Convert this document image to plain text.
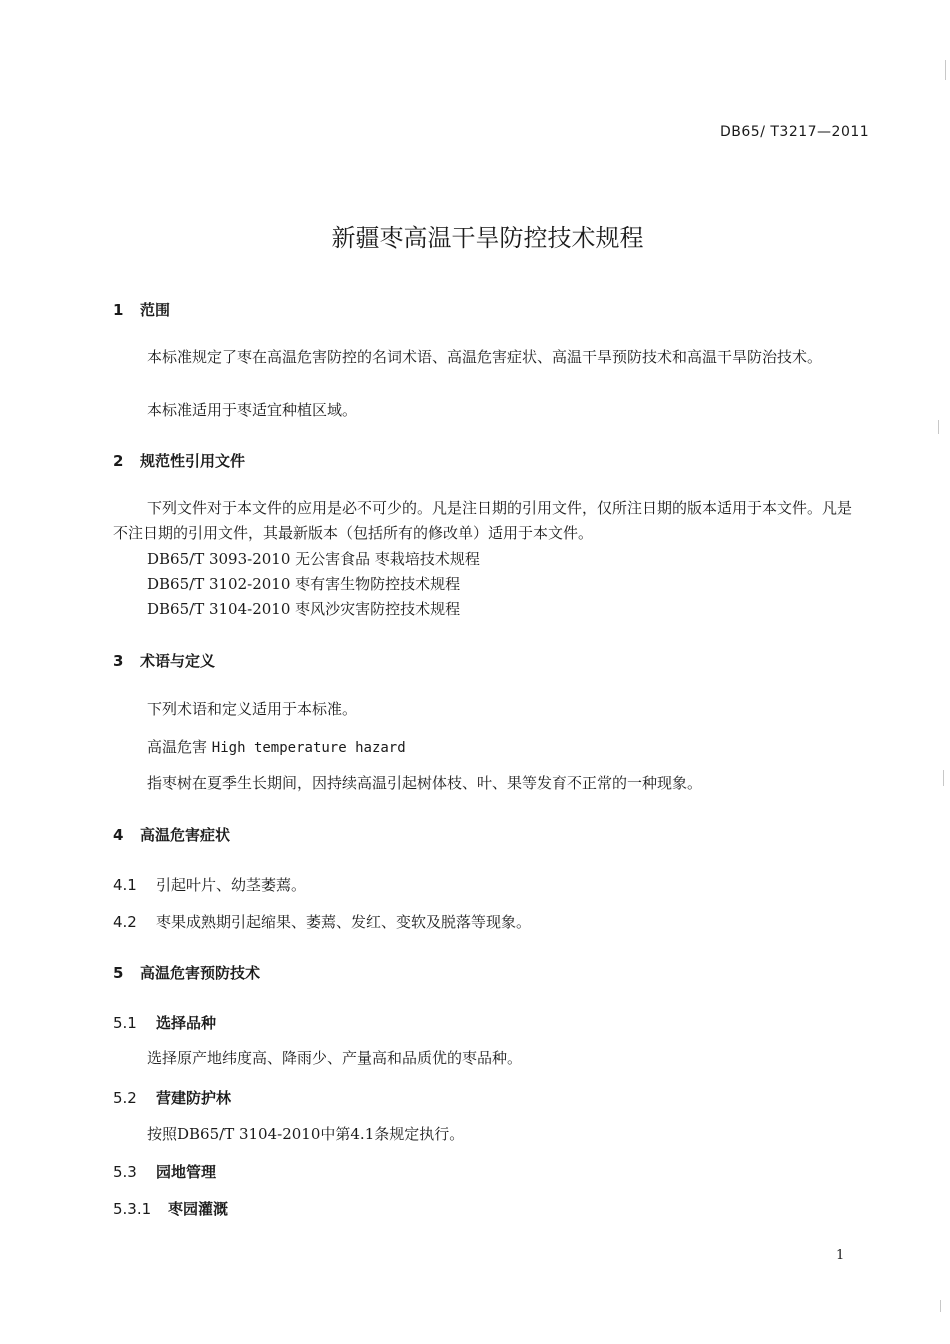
DB65/ T3217—2011
新疆枣高温干旱防控技术规程
1 范围
本标准规定了枣在高温危害防控的名词术语、高温危害症状、高温干旱预防技术和高温干旱防治技术。
本标准适用于枣适宜种植区域。
2 规范性引用文件
下列文件对于本文件的应用是必不可少的。凡是注日期的引用文件，仅所注日期的版本适用于本文件。凡是不注日期的引用文件，其最新版本（包括所有的修改单）适用于本文件。
DB65/T 3093-2010 无公害食品 枣栽培技术规程
DB65/T 3102-2010 枣有害生物防控技术规程
DB65/T 3104-2010 枣风沙灾害防控技术规程
3 术语与定义
下列术语和定义适用于本标准。
高温危害 High temperature hazard
指枣树在夏季生长期间，因持续高温引起树体枝、叶、果等发育不正常的一种现象。
4 高温危害症状
4.1 引起叶片、幼茎萎蔫。
4.2 枣果成熟期引起缩果、萎蔫、发红、变软及脱落等现象。
5 高温危害预防技术
5.1 选择品种
选择原产地纬度高、降雨少、产量高和品质优的枣品种。
5.2 营建防护林
按照DB65/T 3104-2010中第4.1条规定执行。
5.3 园地管理
5.3.1 枣园灌溉
1
